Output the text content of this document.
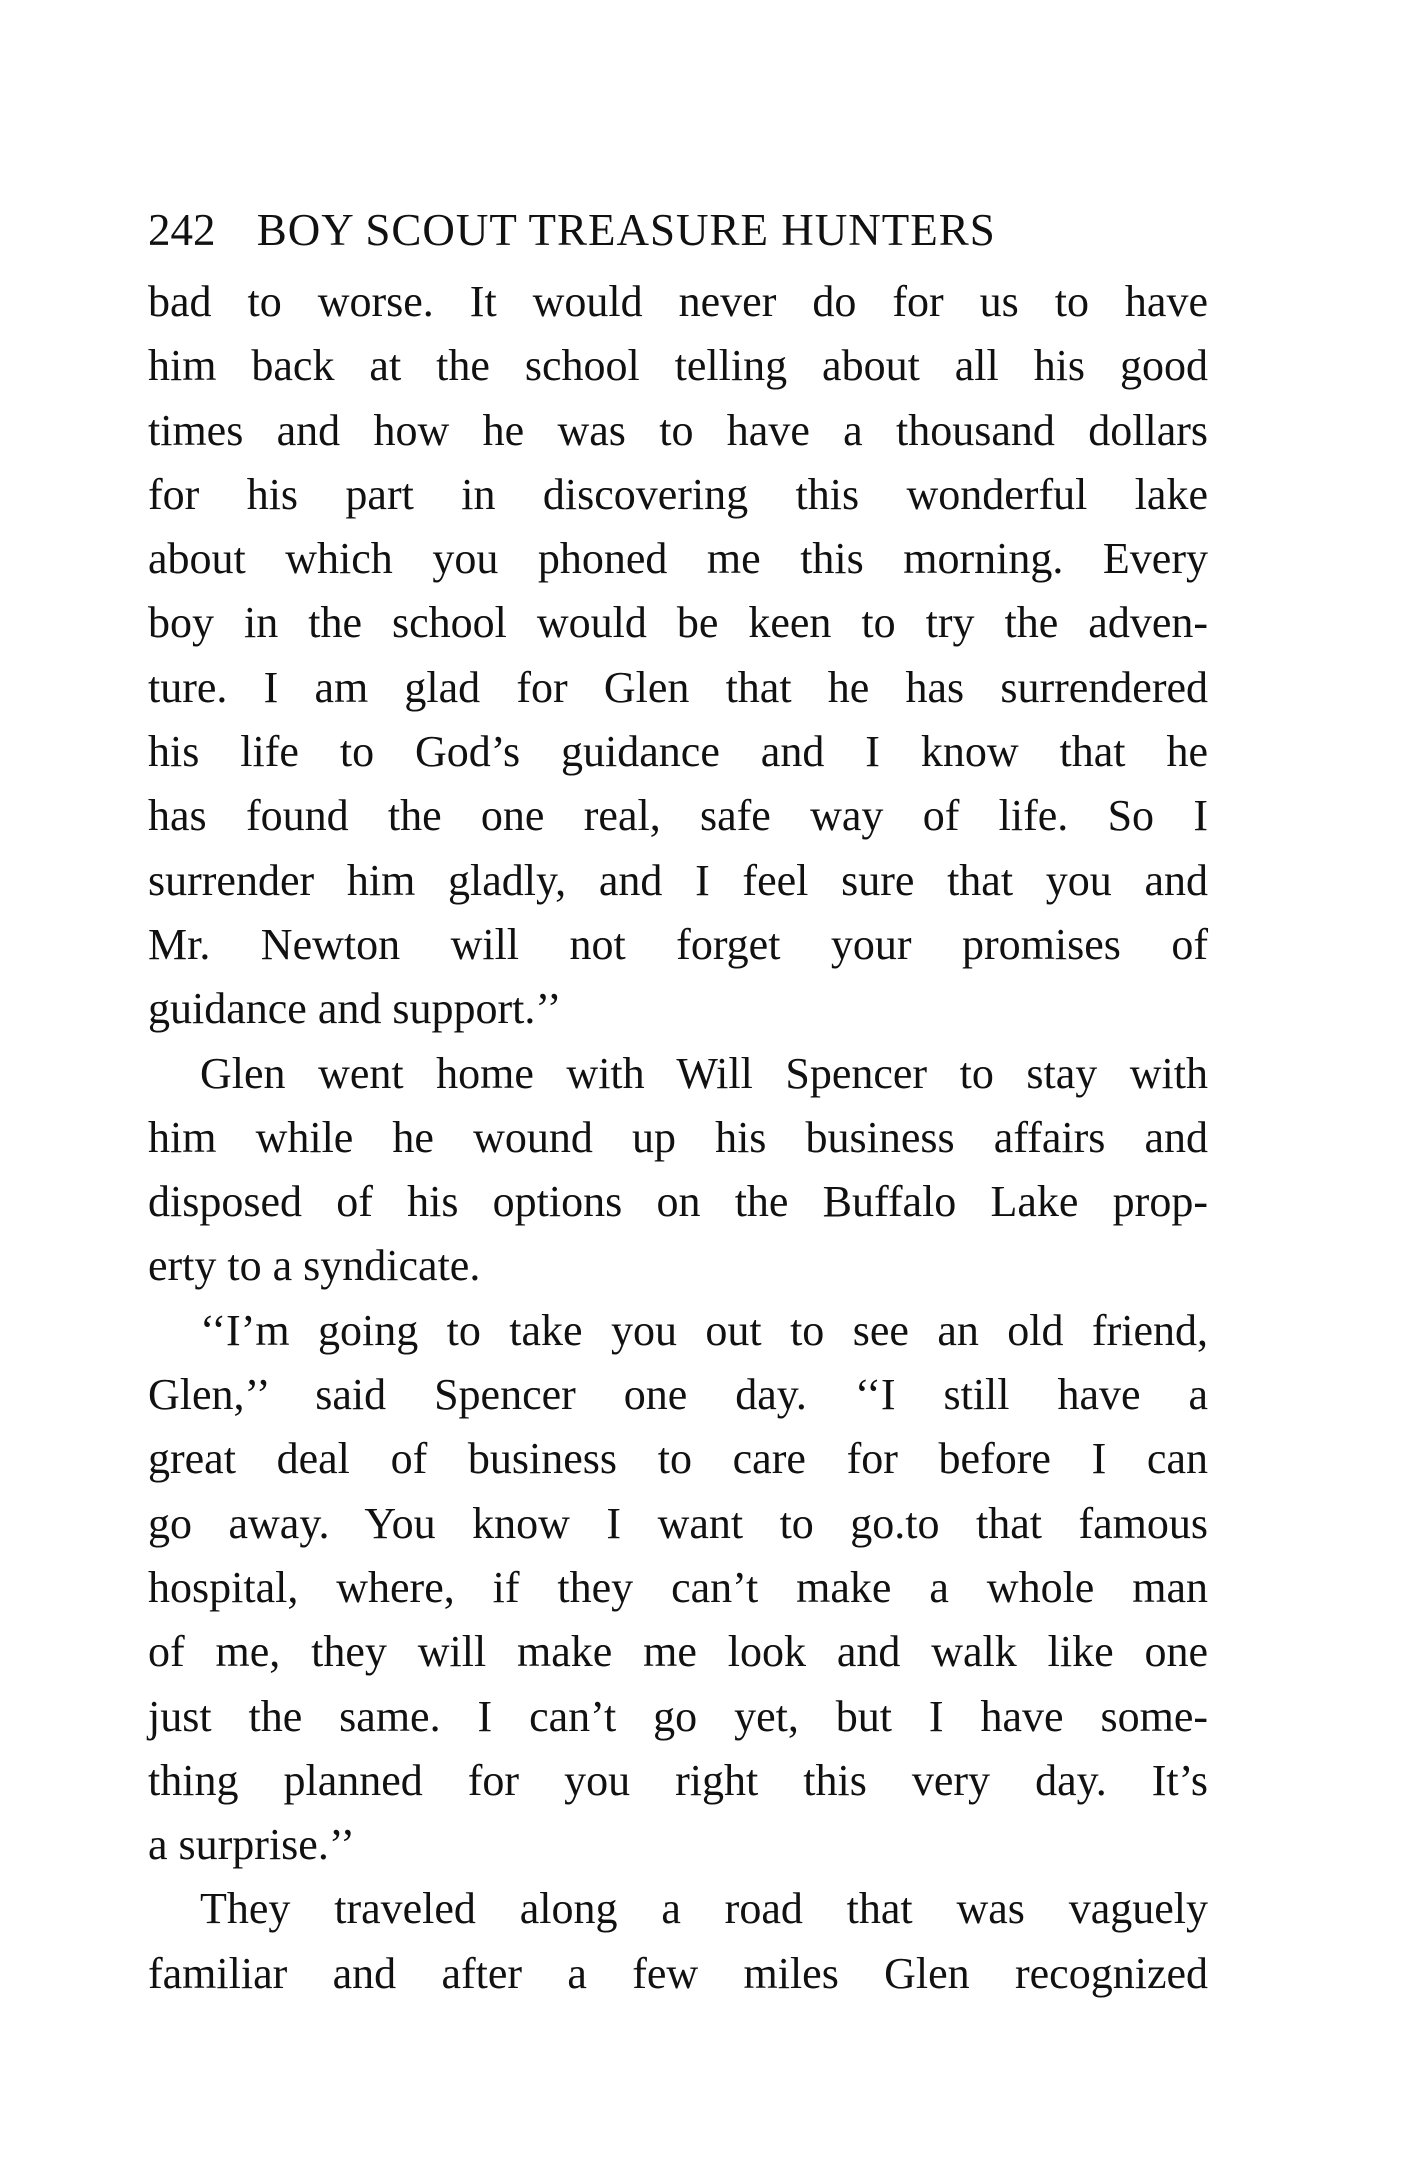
242 BOY SCOUT TREASURE HUNTERS
bad to worse. It would never do for us to have
him back at the school telling about all his good
times and how he was to have a thousand dollars
for his part in discovering this wonderful lake
about which you phoned me this morning. Every
boy in the school would be keen to try the adven-
ture. I am glad for Glen that he has surrendered
his life to God’s guidance and I know that he
has found the one real, safe way of life. So I
surrender him gladly, and I feel sure that you and
Mr. Newton will not forget your promises of
guidance and support.’’
Glen went home with Will Spencer to stay with
him while he wound up his business affairs and
disposed of his options on the Buffalo Lake prop-
erty to a syndicate.
‘‘I’m going to take you out to see an old friend,
Glen,’’ said Spencer one day. ‘‘I still have a
great deal of business to care for before I can
go away. You know I want to go.to that famous
hospital, where, if they can’t make a whole man
of me, they will make me look and walk like one
just the same. I can’t go yet, but I have some-
thing planned for you right this very day. It’s
a surprise.’’
They traveled along a road that was vaguely
familiar and after a few miles Glen recognized
